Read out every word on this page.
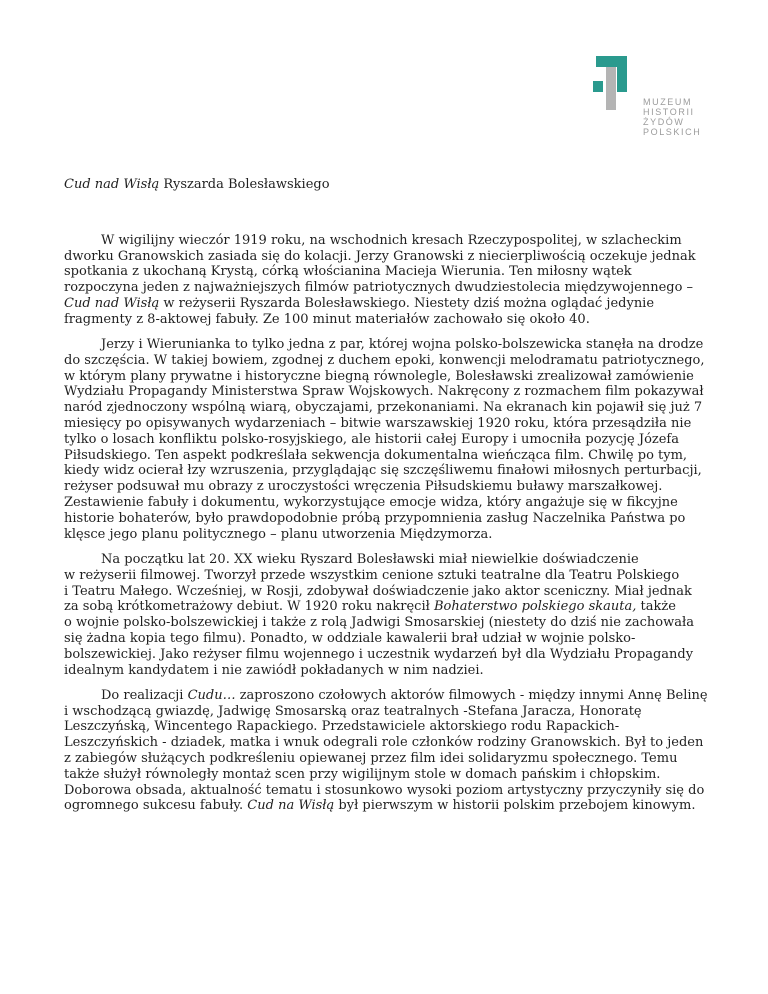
MUZEUM
HISTORII
ŻYDÓW
POLSKICH

Cud nad Wisłą Ryszarda Bolesławskiego

W wigilijny wieczór 1919 roku, na wschodnich kresach Rzeczypospolitej, w szlacheckim dworku Granowskich zasiada się do kolacji. Jerzy Granowski z niecierpliwością oczekuje jednak spotkania z ukochaną Krystą, córką włościanina Macieja Wierunia. Ten miłosny wątek rozpoczyna jeden z najważniejszych filmów patriotycznych dwudziestolecia międzywojennego – Cud nad Wisłą w reżyserii Ryszarda Bolesławskiego. Niestety dziś można oglądać jedynie fragmenty z 8-aktowej fabuły. Ze 100 minut materiałów zachowało się około 40.

Jerzy i Wierunianka to tylko jedna z par, której wojna polsko-bolszewicka stanęła na drodze do szczęścia. W takiej bowiem, zgodnej z duchem epoki, konwencji melodramatu patriotycznego, w którym plany prywatne i historyczne biegną równolegle, Bolesławski zrealizował zamówienie Wydziału Propagandy Ministerstwa Spraw Wojskowych. Nakręcony z rozmachem film pokazywał naród zjednoczony wspólną wiarą, obyczajami, przekonaniami. Na ekranach kin pojawił się już 7 miesięcy po opisywanych wydarzeniach – bitwie warszawskiej 1920 roku, która przesądziła nie tylko o losach konfliktu polsko-rosyjskiego, ale historii całej Europy i umocniła pozycję Józefa Piłsudskiego. Ten aspekt podkreślała sekwencja dokumentalna wieńcząca film. Chwilę po tym, kiedy widz ocierał łzy wzruszenia, przyglądając się szczęśliwemu finałowi miłosnych perturbacji, reżyser podsuwał mu obrazy z uroczystości wręczenia Piłsudskiemu buławy marszałkowej. Zestawienie fabuły i dokumentu, wykorzystujące emocje widza, który angażuje się w fikcyjne historie bohaterów, było prawdopodobnie próbą przypomnienia zasług Naczelnika Państwa po klęsce jego planu politycznego – planu utworzenia Międzymorza.

Na początku lat 20. XX wieku Ryszard Bolesławski miał niewielkie doświadczenie w reżyserii filmowej. Tworzył przede wszystkim cenione sztuki teatralne dla Teatru Polskiego i Teatru Małego. Wcześniej, w Rosji, zdobywał doświadczenie jako aktor sceniczny. Miał jednak za sobą krótkometrażowy debiut. W 1920 roku nakręcił Bohaterstwo polskiego skauta, także o wojnie polsko-bolszewickiej i także z rolą Jadwigi Smosarskiej (niestety do dziś nie zachowała się żadna kopia tego filmu). Ponadto, w oddziale kawalerii brał udział w wojnie polsko-bolszewickiej. Jako reżyser filmu wojennego i uczestnik wydarzeń był dla Wydziału Propagandy idealnym kandydatem i nie zawiódł pokładanych w nim nadziei.

Do realizacji Cudu… zaproszono czołowych aktorów filmowych - między innymi Annę Belinę i wschodzącą gwiazdę, Jadwigę Smosarską oraz teatralnych -Stefana Jaracza, Honoratę Leszczyńską, Wincentego Rapackiego. Przedstawiciele aktorskiego rodu Rapackich-Leszczyńskich - dziadek, matka i wnuk odegrali role członków rodziny Granowskich. Był to jeden z zabiegów służących podkreśleniu opiewanej przez film idei solidaryzmu społecznego. Temu także służył równoległy montaż scen przy wigilijnym stole w domach pańskim i chłopskim. Doborowa obsada, aktualność tematu i stosunkowo wysoki poziom artystyczny przyczyniły się do ogromnego sukcesu fabuły. Cud na Wisłą był pierwszym w historii polskim przebojem kinowym.
